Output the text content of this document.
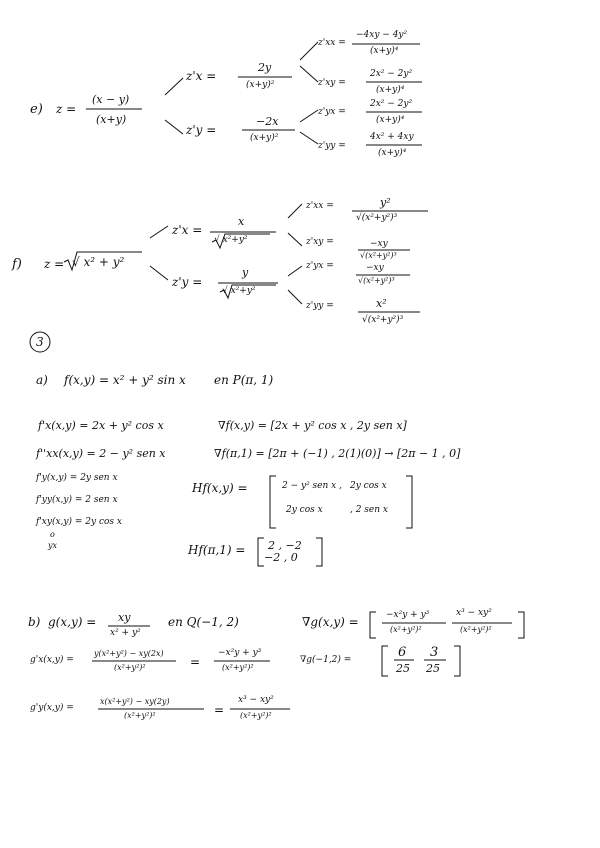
e) z =
(x − y)
(x+y)
z'x =
2y
(x+y)²
z'y =
−2x
(x+y)²
z'xx =
−4xy − 4y²
(x+y)⁴
z'xy =
2x² − 2y²
(x+y)⁴
z'yx =
2x² − 2y²
(x+y)⁴
z'yy =
4x² + 4xy
(x+y)⁴
f) z = √ x² + y²
z'x =
x
√ x²+y²
z'y =
y
√ x²+y²
z'xx =	y²
√(x²+y²)³
z'xy =	−xy
√(x²+y²)³
z'yx =	−xy
√(x²+y²)³
z'yy =	x²
√(x²+y²)³
3
a) f(x,y) = x² + y² sin x en P(π, 1)
f'x(x,y) = 2x + y² cos x	∇f(x,y) = [2x + y² cos x , 2y sen x]
f''xx(x,y) = 2 − y² sen x	∇f(π,1) = [2π + (−1) , 2(1)(0)] → [2π − 1 , 0]
f'y(x,y) = 2y sen x
f'yy(x,y) = 2 sen x
f'xy(x,y) = 2y cos x
o
yx
Hf(x,y) =	2 − y² sen x , 2y cos x
2y cos x	, 2 sen x
Hf(π,1) = 2 , −2
−2 , 0
b) g(x,y) = xy
x² + y²
en Q(−1, 2)	∇g(x,y) =	−x²y + y³
(x²+y²)²
x³ − xy²
(x²+y²)²
g'x(x,y) =
y(x²+y²) − xy(2x)
(x²+y²)²	=
−x²y + y³
(x²+y²)²
∇g(−1,2) =	6
25
3
25
g'y(x,y) =
x(x²+y²) − xy(2y)
(x²+y²)²	=
x³ − xy²
(x²+y²)²
